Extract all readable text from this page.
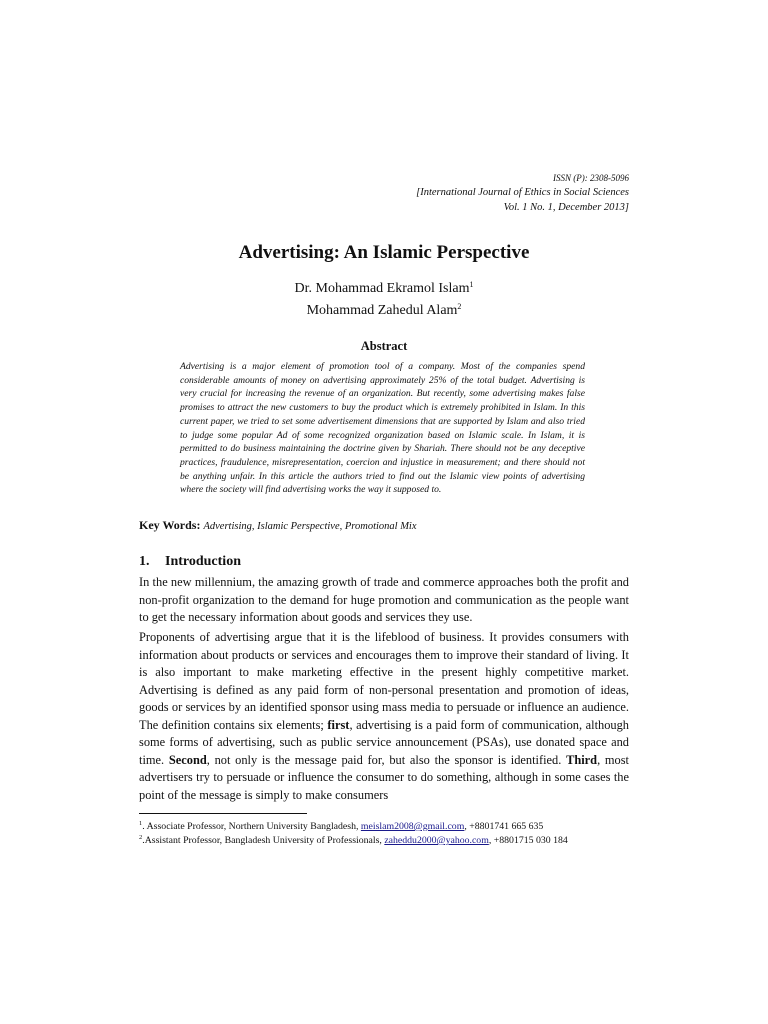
ISSN (P): 2308-5096
[International Journal of Ethics in Social Sciences
Vol. 1 No. 1, December 2013]
Advertising: An Islamic Perspective
Dr. Mohammad Ekramol Islam$^1$
Mohammad Zahedul Alam$^2$
Abstract
Advertising is a major element of promotion tool of a company. Most of the companies spend considerable amounts of money on advertising approximately 25% of the total budget. Advertising is very crucial for increasing the revenue of an organization. But recently, some advertising makes false promises to attract the new customers to buy the product which is extremely prohibited in Islam. In this current paper, we tried to set some advertisement dimensions that are supported by Islam and also tried to judge some popular Ad of some recognized organization based on Islamic scale. In Islam, it is permitted to do business maintaining the doctrine given by Shariah. There should not be any deceptive practices, fraudulence, misrepresentation, coercion and injustice in measurement; and there should not be anything unfair. In this article the authors tried to find out the Islamic view points of advertising where the society will find advertising works the way it supposed to.
Key Words: Advertising, Islamic Perspective, Promotional Mix
1. Introduction

In the new millennium, the amazing growth of trade and commerce approaches both the profit and non-profit organization to the demand for huge promotion and communication as the people want to get the necessary information about goods and services they use.

Proponents of advertising argue that it is the lifeblood of business. It provides consumers with information about products or services and encourages them to improve their standard of living. It is also important to make marketing effective in the present highly competitive market. Advertising is defined as any paid form of non-personal presentation and promotion of ideas, goods or services by an identified sponsor using mass media to persuade or influence an audience. The definition contains six elements; first, advertising is a paid form of communication, although some forms of advertising, such as public service announcement (PSAs), use donated space and time. Second, not only is the message paid for, but also the sponsor is identified. Third, most advertisers try to persuade or influence the consumer to do something, although in some cases the point of the message is simply to make consumers

$^1$. Associate Professor, Northern University Bangladesh, meislam2008@gmail.com, +8801741 665 635
$^2$.Assistant Professor, Bangladesh University of Professionals, zaheddu2000@yahoo.com, +8801715 030 184
